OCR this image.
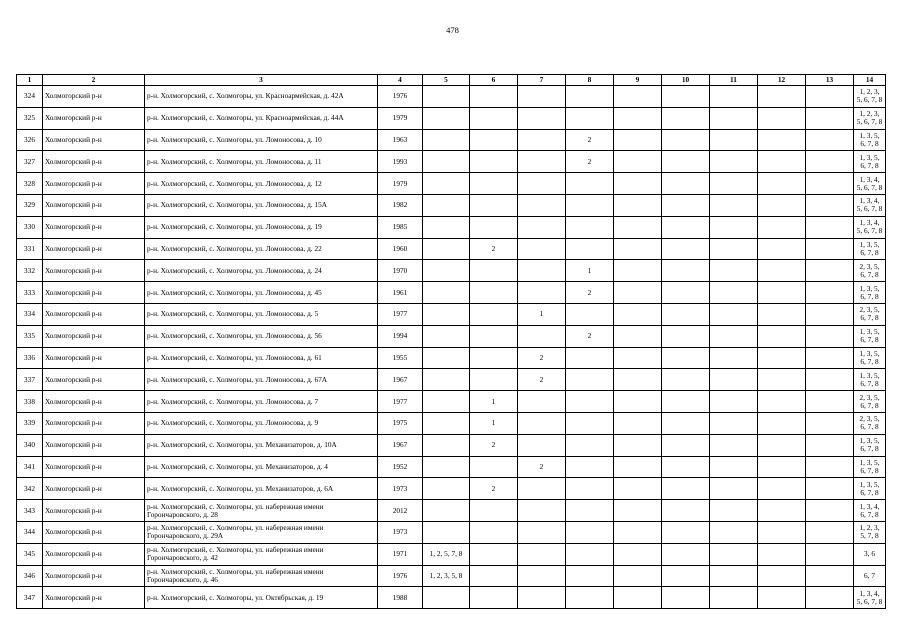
478
1	2	3	4	5	6	7	8	9	10	11	12	13	14
324	Холмогорский р-н	р-н. Холмогорский, с. Холмогоры, ул. Красноармейская, д. 42А	1976										1, 2, 3, 5, 6, 7, 8
325	Холмогорский р-н	р-н. Холмогорский, с. Холмогоры, ул. Красноармейская, д. 44А	1979										1, 2, 3, 5, 6, 7, 8
326	Холмогорский р-н	р-н. Холмогорский, с. Холмогоры, ул. Ломоносова, д. 10	1963				2						1, 3, 5, 6, 7, 8
327	Холмогорский р-н	р-н. Холмогорский, с. Холмогоры, ул. Ломоносова, д. 11	1993				2						1, 3, 5, 6, 7, 8
328	Холмогорский р-н	р-н. Холмогорский, с. Холмогоры, ул. Ломоносова, д. 12	1979										1, 3, 4, 5, 6, 7, 8
329	Холмогорский р-н	р-н. Холмогорский, с. Холмогоры, ул. Ломоносова, д. 15А	1982										1, 3, 4, 5, 6, 7, 8
330	Холмогорский р-н	р-н. Холмогорский, с. Холмогоры, ул. Ломоносова, д. 19	1985										1, 3, 4, 5, 6, 7, 8
331	Холмогорский р-н	р-н. Холмогорский, с. Холмогоры, ул. Ломоносова, д. 22	1960		2								1, 3, 5, 6, 7, 8
332	Холмогорский р-н	р-н. Холмогорский, с. Холмогоры, ул. Ломоносова, д. 24	1970				1						2, 3, 5, 6, 7, 8
333	Холмогорский р-н	р-н. Холмогорский, с. Холмогоры, ул. Ломоносова, д. 45	1961				2						1, 3, 5, 6, 7, 8
334	Холмогорский р-н	р-н. Холмогорский, с. Холмогоры, ул. Ломоносова, д. 5	1977			1							2, 3, 5, 6, 7, 8
335	Холмогорский р-н	р-н. Холмогорский, с. Холмогоры, ул. Ломоносова, д. 56	1994				2						1, 3, 5, 6, 7, 8
336	Холмогорский р-н	р-н. Холмогорский, с. Холмогоры, ул. Ломоносова, д. 61	1955			2							1, 3, 5, 6, 7, 8
337	Холмогорский р-н	р-н. Холмогорский, с. Холмогоры, ул. Ломоносова, д. 67А	1967			2							1, 3, 5, 6, 7, 8
338	Холмогорский р-н	р-н. Холмогорский, с. Холмогоры, ул. Ломоносова, д. 7	1977		1								2, 3, 5, 6, 7, 8
339	Холмогорский р-н	р-н. Холмогорский, с. Холмогоры, ул. Ломоносова, д. 9	1975		1								2, 3, 5, 6, 7, 8
340	Холмогорский р-н	р-н. Холмогорский, с. Холмогоры, ул. Механизаторов, д. 10А	1967		2								1, 3, 5, 6, 7, 8
341	Холмогорский р-н	р-н. Холмогорский, с. Холмогоры, ул. Механизаторов, д. 4	1952			2							1, 3, 5, 6, 7, 8
342	Холмогорский р-н	р-н. Холмогорский, с. Холмогоры, ул. Механизаторов, д. 6А	1973		2								1, 3, 5, 6, 7, 8
343	Холмогорский р-н	р-н. Холмогорский, с. Холмогоры, ул. набережная имени Горончаровского, д. 28	2012										1, 3, 4, 6, 7, 8
344	Холмогорский р-н	р-н. Холмогорский, с. Холмогоры, ул. набережная имени Горончаровского, д. 29А	1973										1, 2, 3, 5, 7, 8
345	Холмогорский р-н	р-н. Холмогорский, с. Холмогоры, ул. набережная имени Горончаровского, д. 42	1971	1, 2, 5, 7, 8									3, 6
346	Холмогорский р-н	р-н. Холмогорский, с. Холмогоры, ул. набережная имени Горончаровского, д. 46	1976	1, 2, 3, 5, 8									6, 7
347	Холмогорский р-н	р-н. Холмогорский, с. Холмогоры, ул. Октябрьская, д. 19	1988										1, 3, 4, 5, 6, 7, 8
